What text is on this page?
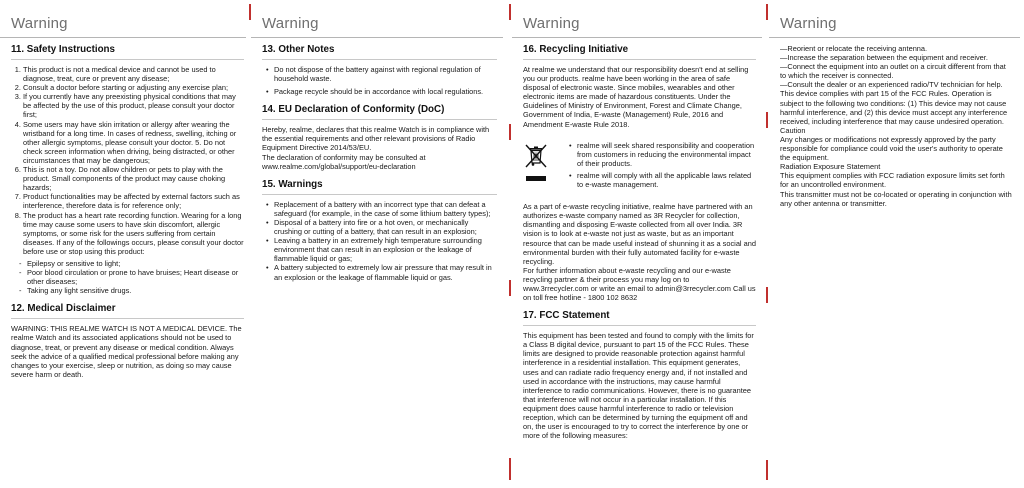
Warning
11. Safety Instructions
1. This product is not a medical device and cannot be used to diagnose, treat, cure or prevent any disease;
2. Consult a doctor before starting or adjusting any exercise plan;
3. If you currently have any preexisting physical conditions that may be affected by the use of this product, please consult your doctor first;
4. Some users may have skin irritation or allergy after wearing the wristband for a long time. In cases of redness, swelling, itching or other allergic symptoms, please consult your doctor. 5. Do not check screen information when driving, being distracted, or other circumstances that may be dangerous;
6. This is not a toy. Do not allow children or pets to play with the product. Small components of the product may cause choking hazards;
7. Product functionalities may be affected by external factors such as interference, therefore data is for reference only;
8. The product has a heart rate recording function. Wearing for a long time may cause some users to have skin discomfort, allergic symptoms, or some risk for the users suffering from certain diseases. If any of the followings occurs, please consult your doctor before use or stop using this product:
- Epilepsy or sensitive to light;
- Poor blood circulation or prone to have bruises; Heart disease or other diseases;
- Taking any light sensitive drugs.
12. Medical Disclaimer

WARNING: THIS REALME WATCH IS NOT A MEDICAL DEVICE. The realme Watch and its associated applications should not be used to diagnose, treat, or prevent any disease or medical condition. Always seek the advice of a qualified medical professional before making any changes to your exercise, sleep or nutrition, as doing so may cause severe harm or death.

Warning
13. Other Notes
• Do not dispose of the battery against with regional regulation of household waste.
• Package recycle should be in accordance with local regulations.
14. EU Declaration of Conformity (DoC)

Hereby, realme, declares that this realme Watch is in compliance with the essential requirements and other relevant provisions of Radio Equipment Directive 2014/53/EU.

The declaration of conformity may be consulted at www.realme.com/global/support/eu-declaration

15. Warnings
• Replacement of a battery with an incorrect type that can defeat a safeguard (for example, in the case of some lithium battery types);
• Disposal of a battery into fire or a hot oven, or mechanically crushing or cutting of a battery, that can result in an explosion;
• Leaving a battery in an extremely high temperature surrounding environment that can result in an explosion or the leakage of flammable liquid or gas;
• A battery subjected to extremely low air pressure that may result in an explosion or the leakage of flammable liquid or gas.
Warning
16. Recycling Initiative

At realme we understand that our responsibility doesn't end at selling you our products. realme have been working in the area of safe disposal of electronic waste. Since mobiles, wearables and other electronic items are made of hazardous constituents. Under the Guidelines of Ministry of Environment, Forest and Climate Change, Government of India, E-waste (Management) Rule, 2016 and Amendment E-waste Rule 2018.

• realme will seek shared responsibility and cooperation from customers in reducing the environmental impact of their products.
• realme will comply with all the applicable laws related to e-waste management.

As a part of e-waste recycling initiative, realme have partnered with an authorizes e-waste company named as 3R Recycler for collection, dismantling and disposing E-waste collected from all over India. 3R vision is to look at e-waste not just as waste, but as an important resource that can be made useful instead of shunning it as a social and environmental burden with their fully automated facility for e-waste recycling.

For further information about e-waste recycling and our e-waste recycling partner & their process you may log on to www.3rrecycler.com or write an email to admin@3rrecycler.com Call us on toll free hotline - 1800 102 8632

17. FCC Statement

This equipment has been tested and found to comply with the limits for a Class B digital device, pursuant to part 15 of the FCC Rules. These limits are designed to provide reasonable protection against harmful interference in a residential installation. This equipment generates, uses and can radiate radio frequency energy and, if not installed and used in accordance with the instructions, may cause harmful interference to radio communications. However, there is no guarantee that interference will not occur in a particular installation. If this equipment does cause harmful interference to radio or television reception, which can be determined by turning the equipment off and on, the user is encouraged to try to correct the interference by one or more of the following measures:

Warning

—Reorient or relocate the receiving antenna.

—Increase the separation between the equipment and receiver.

—Connect the equipment into an outlet on a circuit different from that to which the receiver is connected.

—Consult the dealer or an experienced radio/TV technician for help.

This device complies with part 15 of the FCC Rules. Operation is subject to the following two conditions: (1) This device may not cause harmful interference, and (2) this device must accept any interference received, including interference that may cause undesired operation.

Caution

Any changes or modifications not expressly approved by the party responsible for compliance could void the user's authority to operate the equipment.

Radiation Exposure Statement

This equipment complies with FCC radiation exposure limits set forth for an uncontrolled environment.

This transmitter must not be co-located or operating in conjunction with any other antenna or transmitter.
